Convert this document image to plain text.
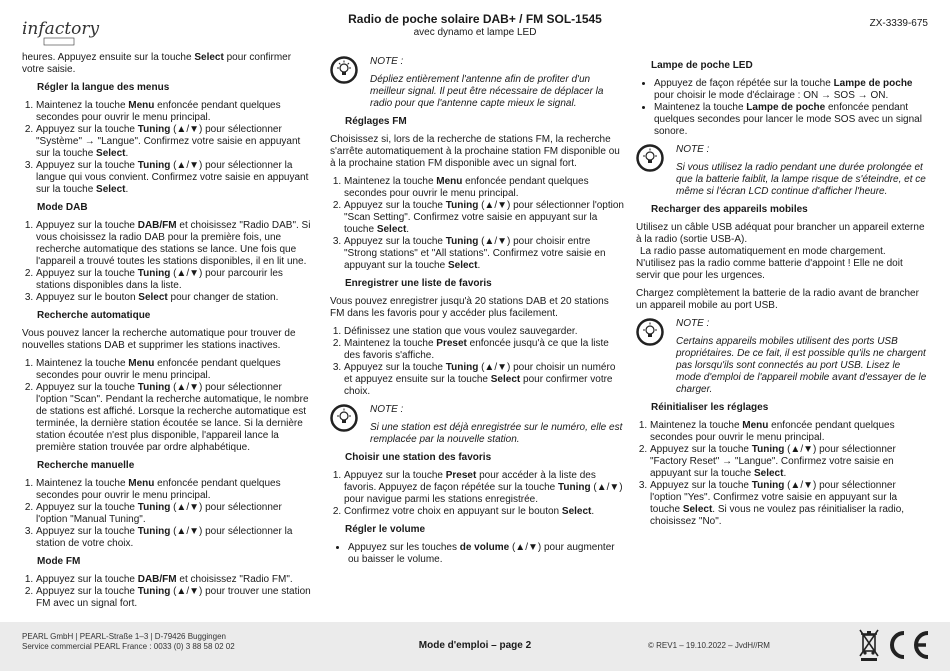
infactory	Radio de poche solaire DAB+ / FM SOL-1545
avec dynamo et lampe LED
ZX-3339-675

heures. Appuyez ensuite sur la touche Select pour confirmer votre saisie.

Régler la langue des menus
1. Maintenez la touche Menu enfoncée pendant quelques secondes pour ouvrir le menu principal.
2. Appuyez sur la touche Tuning (▲/▼) pour sélectionner "Système" → "Langue". Confirmez votre saisie en appuyant sur la touche Select.
3. Appuyez sur la touche Tuning (▲/▼) pour sélectionner la langue qui vous convient. Confirmez votre saisie en appuyant sur la touche Select.
Mode DAB
1. Appuyez sur la touche DAB/FM et choisissez "Radio DAB". Si vous choisissez la radio DAB pour la première fois, une recherche automatique des stations se lance. Une fois que l'appareil a trouvé toutes les stations disponibles, il en lit une.
2. Appuyez sur la touche Tuning (▲/▼) pour parcourir les stations disponibles dans la liste.
3. Appuyez sur le bouton Select pour changer de station.
Recherche automatique

Vous pouvez lancer la recherche automatique pour trouver de nouvelles stations DAB et supprimer les stations inactives.

1. Maintenez la touche Menu enfoncée pendant quelques secondes pour ouvrir le menu principal.
2. Appuyez sur la touche Tuning (▲/▼) pour sélectionner l'option "Scan". Pendant la recherche automatique, le nombre de stations est affiché. Lorsque la recherche automatique est terminée, la dernière station écoutée se lance. Si la dernière station écoutée n'est plus disponible, l'appareil lance la première station trouvée par ordre alphabétique.
Recherche manuelle
1. Maintenez la touche Menu enfoncée pendant quelques secondes pour ouvrir le menu principal.
2. Appuyez sur la touche Tuning (▲/▼) pour sélectionner l'option "Manual Tuning".
3. Appuyez sur la touche Tuning (▲/▼) pour sélectionner la station de votre choix.
Mode FM
1. Appuyez sur la touche DAB/FM et choisissez "Radio FM".
2. Appuyez sur la touche Tuning (▲/▼) pour trouver une station FM avec un signal fort.
NOTE :
Dépliez entièrement l'antenne afin de profiter d'un meilleur signal. Il peut être nécessaire de déplacer la radio pour que l'antenne capte mieux le signal.
Réglages FM

Choisissez si, lors de la recherche de stations FM, la recherche s'arrête automatiquement à la prochaine station FM disponible ou à la prochaine station FM disponible avec un signal fort.

1. Maintenez la touche Menu enfoncée pendant quelques secondes pour ouvrir le menu principal.
2. Appuyez sur la touche Tuning (▲/▼) pour sélectionner l'option "Scan Setting". Confirmez votre saisie en appuyant sur la touche Select.
3. Appuyez sur la touche Tuning (▲/▼) pour choisir entre "Strong stations" et "All stations". Confirmez votre saisie en appuyant sur la touche Select.
Enregistrer une liste de favoris

Vous pouvez enregistrer jusqu'à 20 stations DAB et 20 stations FM dans les favoris pour y accéder plus facilement.

1. Définissez une station que vous voulez sauvegarder.
2. Maintenez la touche Preset enfoncée jusqu'à ce que la liste des favoris s'affiche.
3. Appuyez sur la touche Tuning (▲/▼) pour choisir un numéro et appuyez ensuite sur la touche Select pour confirmer votre choix.
NOTE :
Si une station est déjà enregistrée sur le numéro, elle est remplacée par la nouvelle station.
Choisir une station des favoris
1. Appuyez sur la touche Preset pour accéder à la liste des favoris. Appuyez de façon répétée sur la touche Tuning (▲/▼) pour navigue parmi les stations enregistrée.
2. Confirmez votre choix en appuyant sur le bouton Select.
Régler le volume
• Appuyez sur les touches de volume (▲/▼) pour augmenter ou baisser le volume.
Lampe de poche LED
• Appuyez de façon répétée sur la touche Lampe de poche pour choisir le mode d'éclairage : ON → SOS → ON.
• Maintenez la touche Lampe de poche enfoncée pendant quelques secondes pour lancer le mode SOS avec un signal sonore.
NOTE :
Si vous utilisez la radio pendant une durée prolongée et que la batterie faiblit, la lampe risque de s'éteindre, et ce même si l'écran LCD continue d'afficher l'heure.
Recharger des appareils mobiles

Utilisez un câble USB adéquat pour brancher un appareil externe à la radio (sortie USB-A).

La radio passe automatiquement en mode chargement. N'utilisez pas la radio comme batterie d'appoint ! Elle ne doit servir que pour les urgences.

Chargez complètement la batterie de la radio avant de brancher un appareil mobile au port USB.

NOTE :
Certains appareils mobiles utilisent des ports USB propriétaires. De ce fait, il est possible qu'ils ne chargent pas lorsqu'ils sont connectés au port USB. Lisez le mode d'emploi de l'appareil mobile avant d'essayer de le charger.
Réinitialiser les réglages
1. Maintenez la touche Menu enfoncée pendant quelques secondes pour ouvrir le menu principal.
2. Appuyez sur la touche Tuning (▲/▼) pour sélectionner "Factory Reset" → "Langue". Confirmez votre saisie en appuyant sur la touche Select.
3. Appuyez sur la touche Tuning (▲/▼) pour sélectionner l'option "Yes". Confirmez votre saisie en appuyant sur la touche Select. Si vous ne voulez pas réinitialiser la radio, choisissez "No".
PEARL GmbH | PEARL-Straße 1–3 | D-79426 Buggingen
Service commercial PEARL France : 0033 (0) 3 88 58 02 02	Mode d'emploi – page 2	© REV1 – 19.10.2022 – JvdH//RM
